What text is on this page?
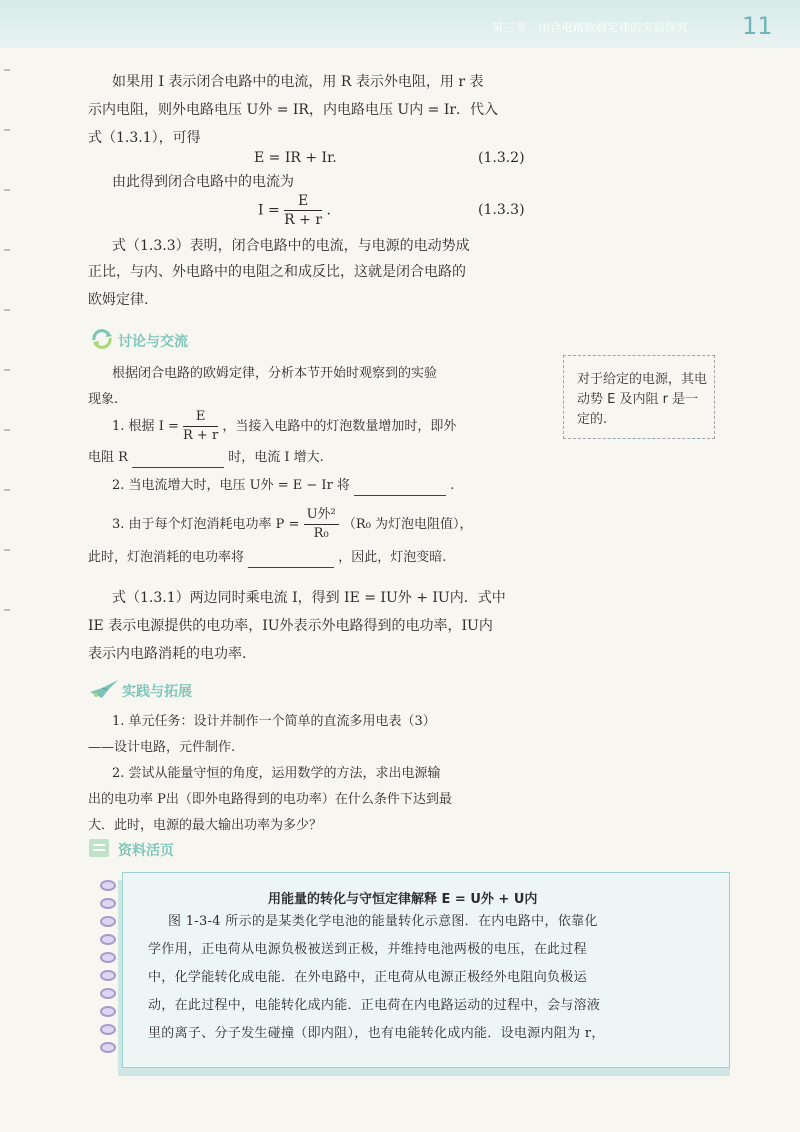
第三节 闭合电路欧姆定律的实验探究 11
如果用 I 表示闭合电路中的电流，用 R 表示外电阻，用 r 表
示内电阻，则外电路电压 U外 = IR，内电路电压 U内 = Ir．代入
式（1.3.1），可得
E = IR + Ir.	(1.3.2)
由此得到闭合电路中的电流为
$I = \frac{E}{R + r}$ .	(1.3.3)
式（1.3.3）表明，闭合电路中的电流，与电源的电动势成
正比，与内、外电路中的电阻之和成反比，这就是闭合电路的
欧姆定律.
讨论与交流
根据闭合电路的欧姆定律，分析本节开始时观察到的实验
现象.
1. 根据 $I = \frac{E}{R + r}$ ，当接入电路中的灯泡数量增加时，即外
电阻 R	时，电流 I 增大.
2. 当电流增大时，电压 U外 = E − Ir 将	.
3. 由于每个灯泡消耗电功率 $P = \frac{\text{U外²}}{\text{R₀}} (R_0$ 为灯泡电阻值），
此时，灯泡消耗的电功率将	，因此，灯泡变暗.
对于给定的电源，其电动势 E 及内阻 r 是一定的.
式（1.3.1）两边同时乘电流 I，得到 IE = IU外 + IU内．式中
IE 表示电源提供的电功率，IU外表示外电路得到的电功率，IU内
表示内电路消耗的电功率.
实践与拓展
1. 单元任务：设计并制作一个简单的直流多用电表（3）
——设计电路，元件制作.
2. 尝试从能量守恒的角度，运用数学的方法，求出电源输
出的电功率 P出（即外电路得到的电功率）在什么条件下达到最
大．此时，电源的最大输出功率为多少？
资料活页
用能量的转化与守恒定律解释 E = U外 + U内
图 1-3-4 所示的是某类化学电池的能量转化示意图．在内电路中，依靠化
学作用，正电荷从电源负极被送到正极，并维持电池两极的电压，在此过程
中，化学能转化成电能．在外电路中，正电荷从电源正极经外电阻向负极运
动，在此过程中，电能转化成内能．正电荷在内电路运动的过程中，会与溶液
里的离子、分子发生碰撞（即内阻），也有电能转化成内能．设电源内阻为 r，
